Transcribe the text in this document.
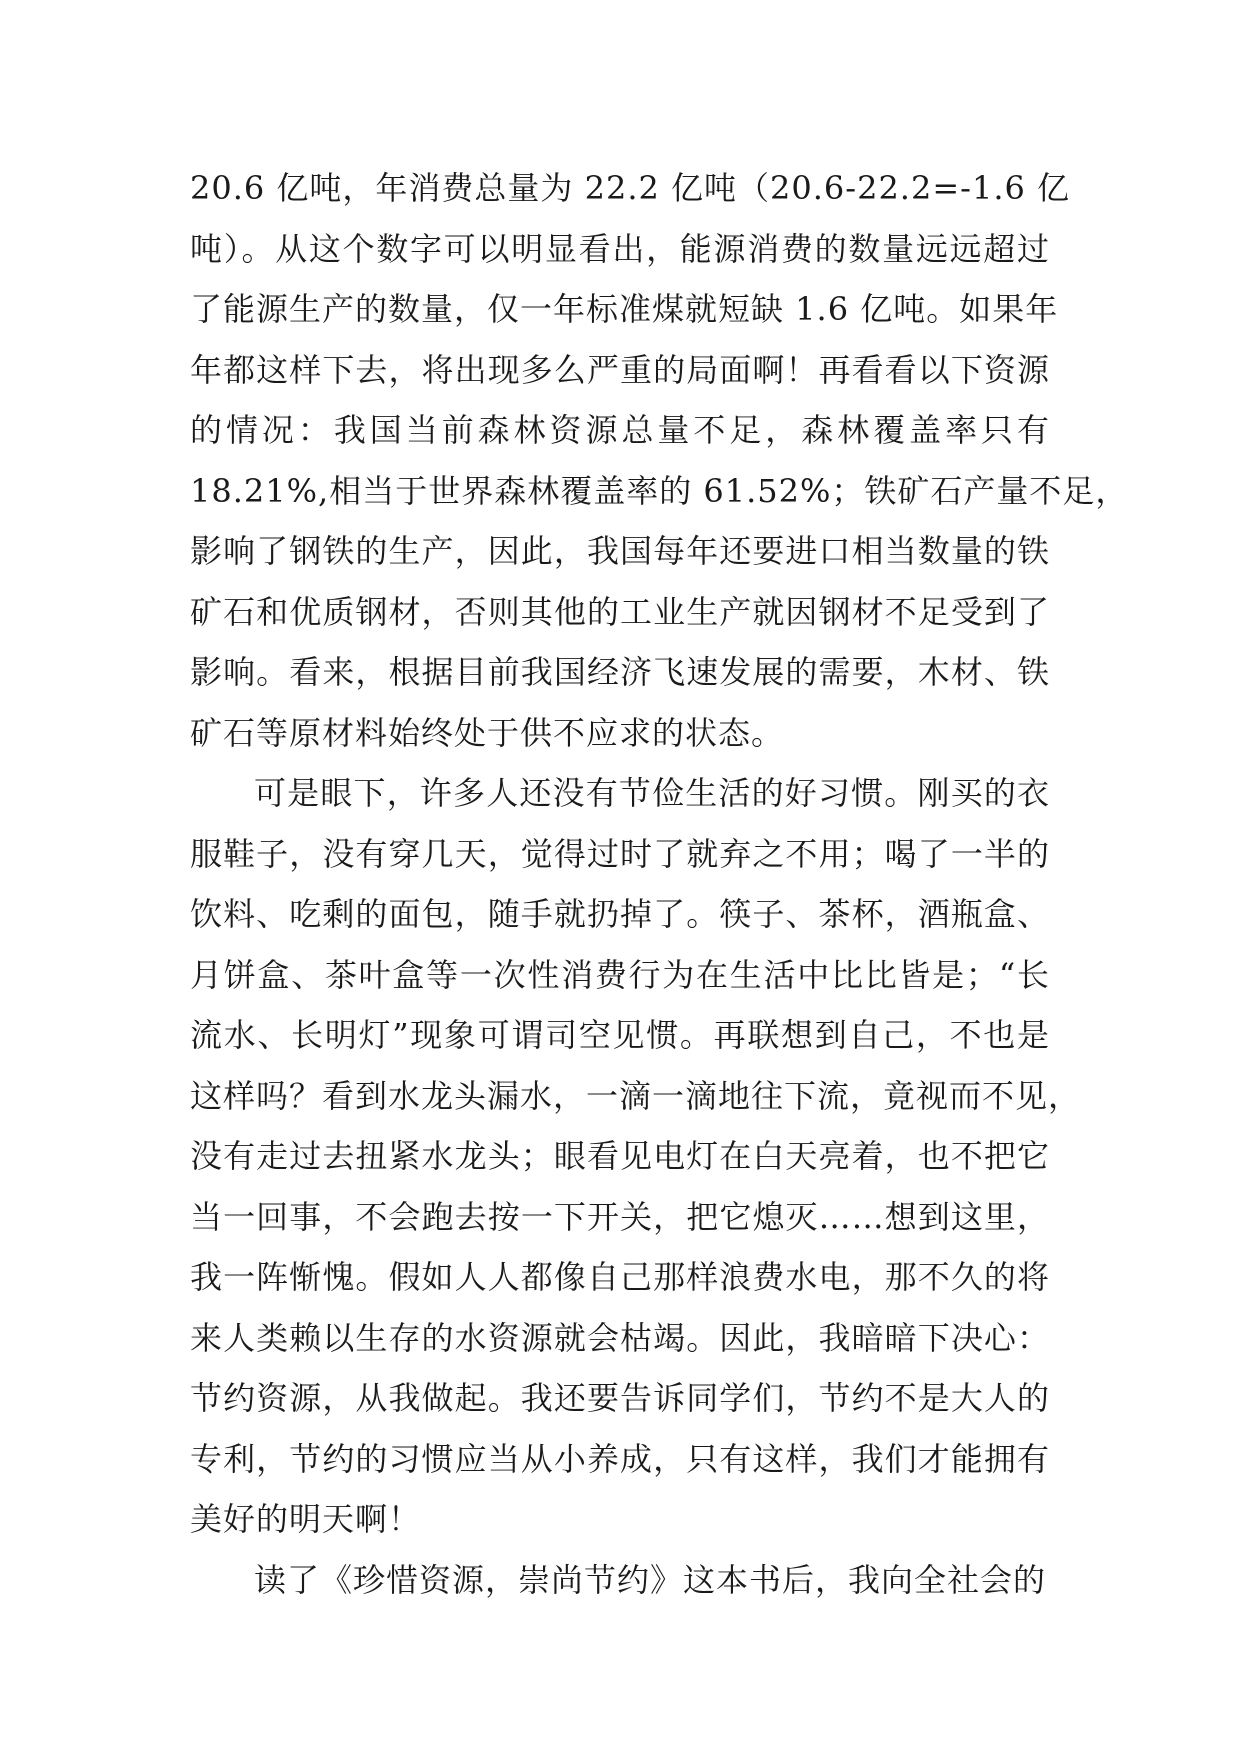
20.6 亿吨，年消费总量为 22.2 亿吨（20.6-22.2=-1.6 亿
吨）。从这个数字可以明显看出，能源消费的数量远远超过
了能源生产的数量，仅一年标准煤就短缺 1.6 亿吨。如果年
年都这样下去，将出现多么严重的局面啊！再看看以下资源
的情况：我国当前森林资源总量不足，森林覆盖率只有
18.21%,相当于世界森林覆盖率的 61.52%；铁矿石产量不足，
影响了钢铁的生产，因此，我国每年还要进口相当数量的铁
矿石和优质钢材，否则其他的工业生产就因钢材不足受到了
影响。看来，根据目前我国经济飞速发展的需要，木材、铁
矿石等原材料始终处于供不应求的状态。
可是眼下，许多人还没有节俭生活的好习惯。刚买的衣
服鞋子，没有穿几天，觉得过时了就弃之不用；喝了一半的
饮料、吃剩的面包，随手就扔掉了。筷子、茶杯，酒瓶盒、
月饼盒、茶叶盒等一次性消费行为在生活中比比皆是；“长
流水、长明灯”现象可谓司空见惯。再联想到自己，不也是
这样吗？看到水龙头漏水，一滴一滴地往下流，竟视而不见，
没有走过去扭紧水龙头；眼看见电灯在白天亮着，也不把它
当一回事，不会跑去按一下开关，把它熄灭……想到这里，
我一阵惭愧。假如人人都像自己那样浪费水电，那不久的将
来人类赖以生存的水资源就会枯竭。因此，我暗暗下决心：
节约资源，从我做起。我还要告诉同学们，节约不是大人的
专利，节约的习惯应当从小养成，只有这样，我们才能拥有
美好的明天啊！
读了《珍惜资源，崇尚节约》这本书后，我向全社会的
